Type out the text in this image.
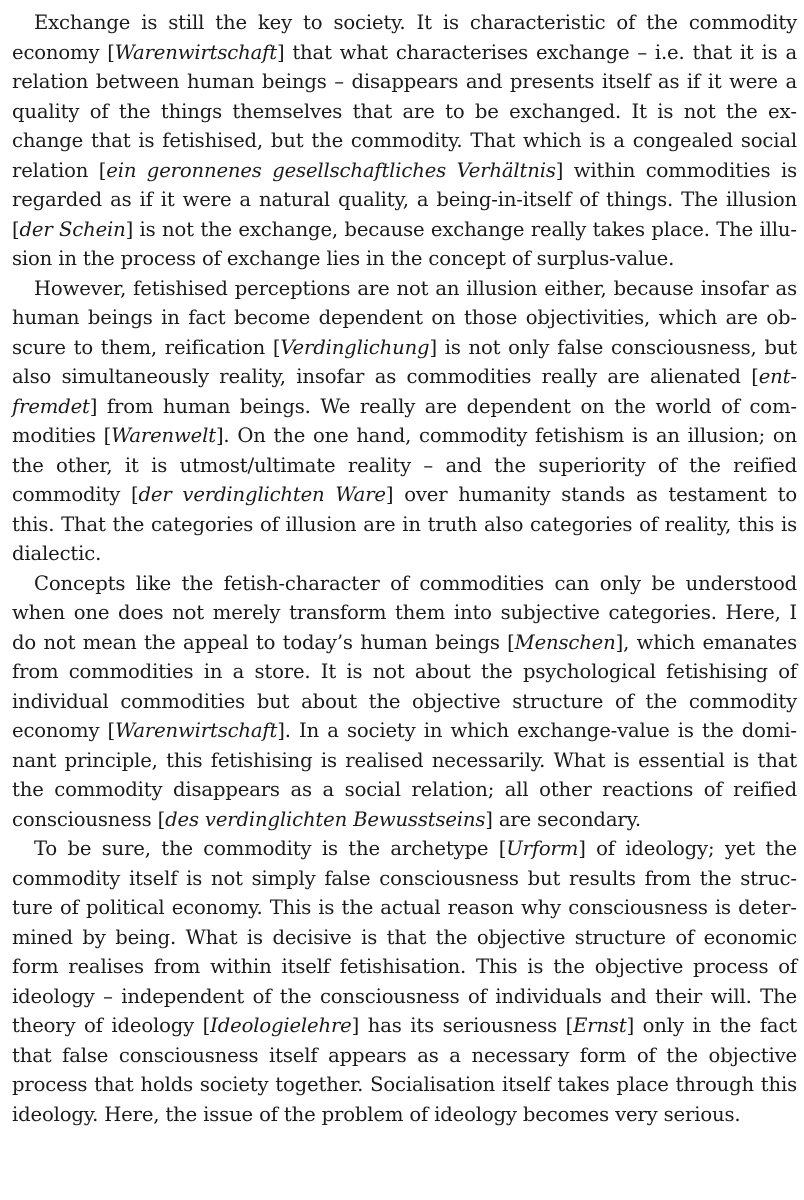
Exchange is still the key to society. It is characteristic of the commodity economy [Warenwirtschaft] that what characterises exchange – i.e. that it is a relation between human beings – disappears and presents itself as if it were a quality of the things themselves that are to be exchanged. It is not the exchange that is fetishised, but the commodity. That which is a congealed social relation [ein geronnenes gesellschaftliches Verhältnis] within commodities is regarded as if it were a natural quality, a being-in-itself of things. The illusion [der Schein] is not the exchange, because exchange really takes place. The illusion in the process of exchange lies in the concept of surplus-value.

However, fetishised perceptions are not an illusion either, because insofar as human beings in fact become dependent on those objectivities, which are obscure to them, reification [Verdinglichung] is not only false consciousness, but also simultaneously reality, insofar as commodities really are alienated [entfremdet] from human beings. We really are dependent on the world of commodities [Warenwelt]. On the one hand, commodity fetishism is an illusion; on the other, it is utmost/ultimate reality – and the superiority of the reified commodity [der verdinglichten Ware] over humanity stands as testament to this. That the categories of illusion are in truth also categories of reality, this is dialectic.

Concepts like the fetish-character of commodities can only be understood when one does not merely transform them into subjective categories. Here, I do not mean the appeal to today’s human beings [Menschen], which emanates from commodities in a store. It is not about the psychological fetishising of individual commodities but about the objective structure of the commodity economy [Warenwirtschaft]. In a society in which exchange-value is the dominant principle, this fetishising is realised necessarily. What is essential is that the commodity disappears as a social relation; all other reactions of reified consciousness [des verdinglichten Bewusstseins] are secondary.

To be sure, the commodity is the archetype [Urform] of ideology; yet the commodity itself is not simply false consciousness but results from the structure of political economy. This is the actual reason why consciousness is determined by being. What is decisive is that the objective structure of economic form realises from within itself fetishisation. This is the objective process of ideology – independent of the consciousness of individuals and their will. The theory of ideology [Ideologielehre] has its seriousness [Ernst] only in the fact that false consciousness itself appears as a necessary form of the objective process that holds society together. Socialisation itself takes place through this ideology. Here, the issue of the problem of ideology becomes very serious.
